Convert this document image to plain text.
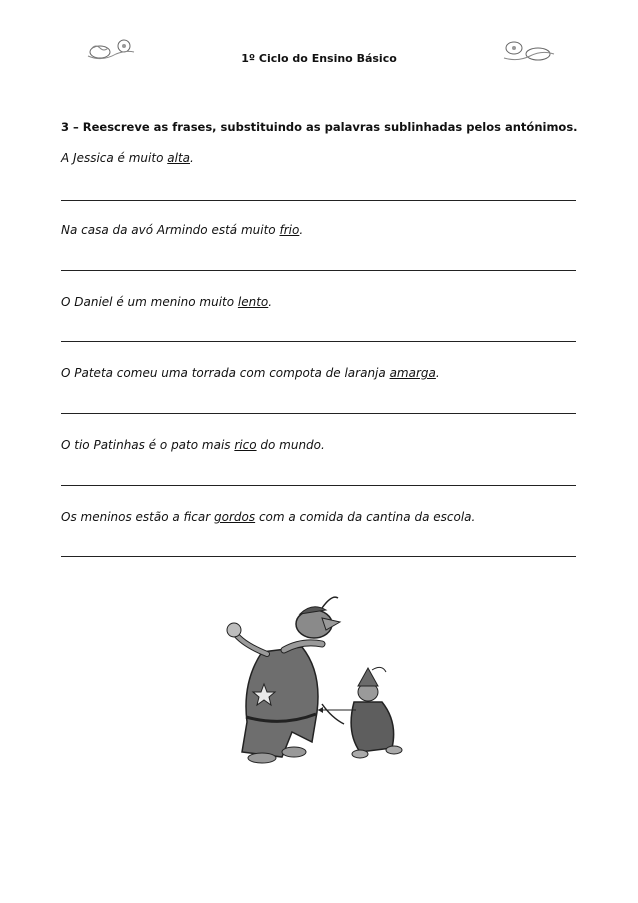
1º Ciclo do Ensino Básico
3 – Reescreve as frases, substituindo as palavras sublinhadas pelos antónimos.
A Jessica é muito alta.
Na casa da avó Armindo está muito frio.
O Daniel é um menino muito lento.
O Pateta comeu uma torrada com compota de laranja amarga.
O tio Patinhas é o pato mais rico do mundo.
Os meninos estão a ficar gordos com a comida da cantina da escola.
